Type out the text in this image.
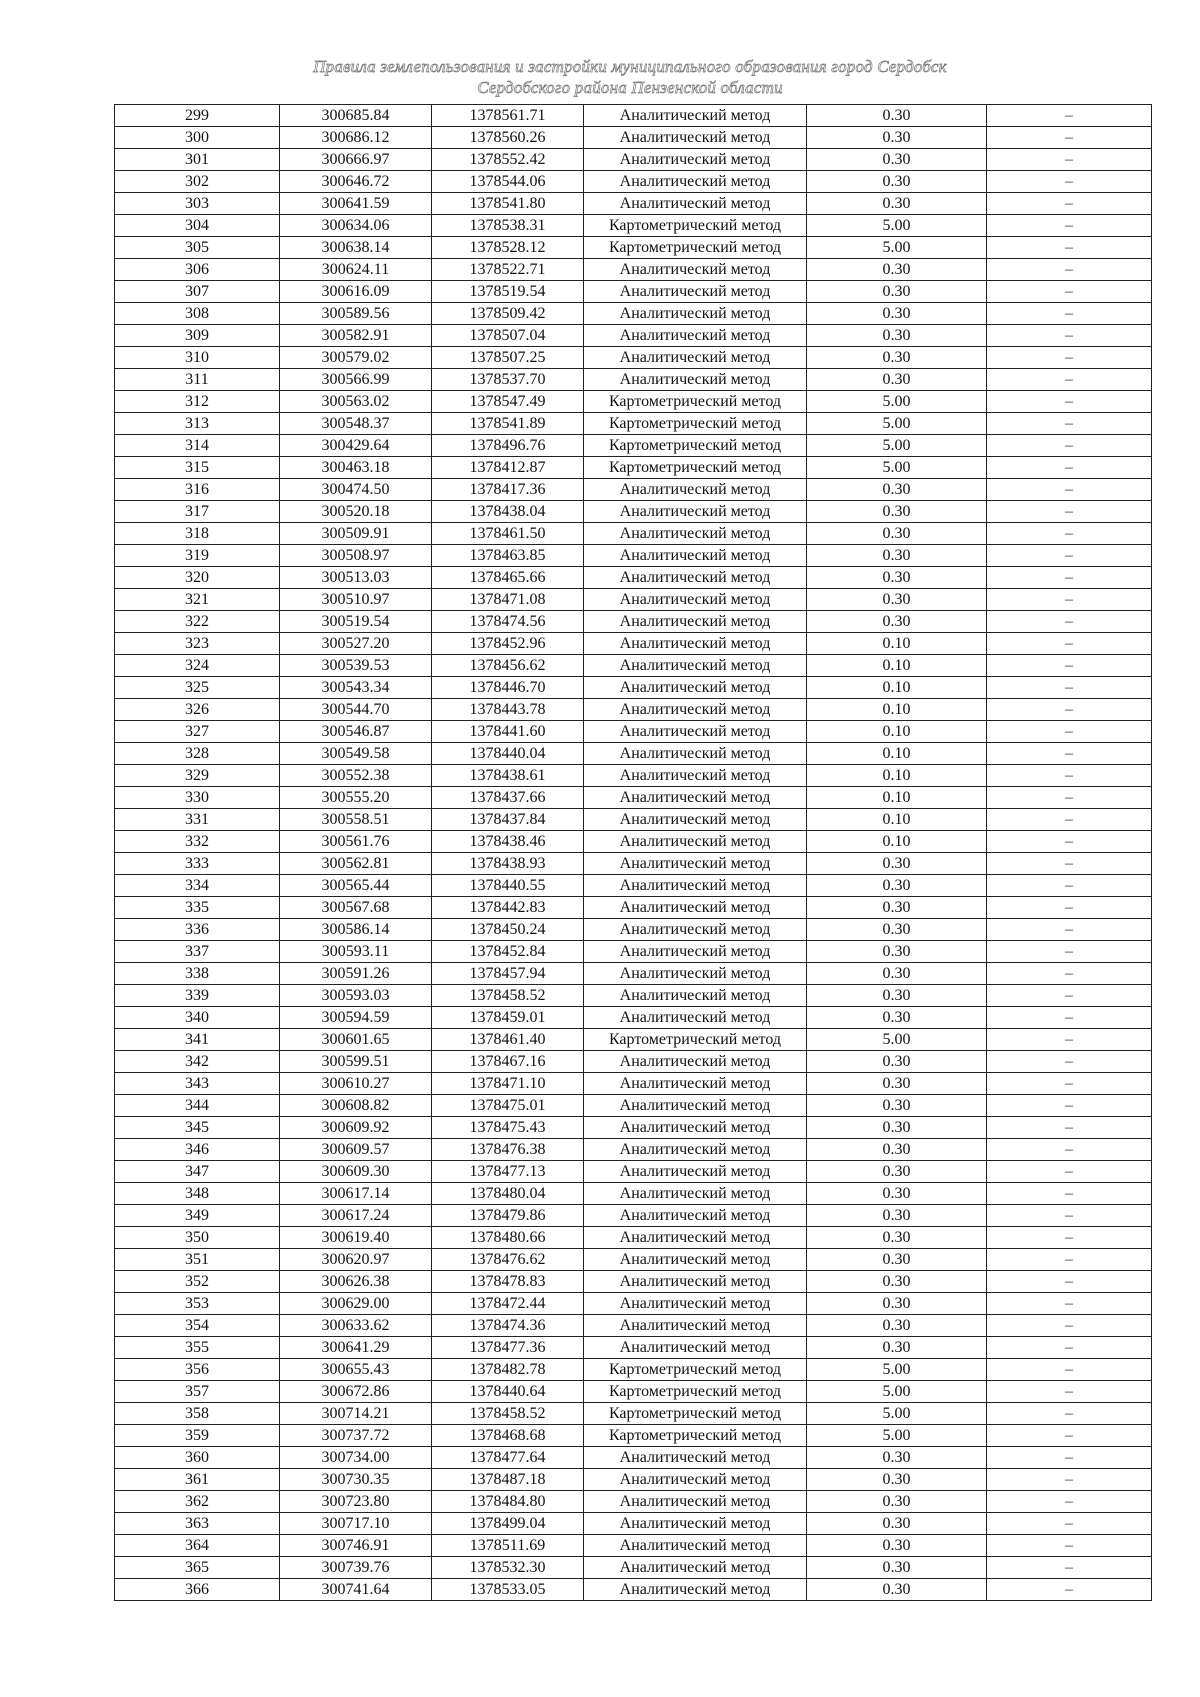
Правила землепользования и застройки муниципального образования город Сердобск
Сердобского района Пензенской области
299	300685.84	1378561.71	Аналитический метод	0.30	–
300	300686.12	1378560.26	Аналитический метод	0.30	–
301	300666.97	1378552.42	Аналитический метод	0.30	–
302	300646.72	1378544.06	Аналитический метод	0.30	–
303	300641.59	1378541.80	Аналитический метод	0.30	–
304	300634.06	1378538.31	Картометрический метод	5.00	–
305	300638.14	1378528.12	Картометрический метод	5.00	–
306	300624.11	1378522.71	Аналитический метод	0.30	–
307	300616.09	1378519.54	Аналитический метод	0.30	–
308	300589.56	1378509.42	Аналитический метод	0.30	–
309	300582.91	1378507.04	Аналитический метод	0.30	–
310	300579.02	1378507.25	Аналитический метод	0.30	–
311	300566.99	1378537.70	Аналитический метод	0.30	–
312	300563.02	1378547.49	Картометрический метод	5.00	–
313	300548.37	1378541.89	Картометрический метод	5.00	–
314	300429.64	1378496.76	Картометрический метод	5.00	–
315	300463.18	1378412.87	Картометрический метод	5.00	–
316	300474.50	1378417.36	Аналитический метод	0.30	–
317	300520.18	1378438.04	Аналитический метод	0.30	–
318	300509.91	1378461.50	Аналитический метод	0.30	–
319	300508.97	1378463.85	Аналитический метод	0.30	–
320	300513.03	1378465.66	Аналитический метод	0.30	–
321	300510.97	1378471.08	Аналитический метод	0.30	–
322	300519.54	1378474.56	Аналитический метод	0.30	–
323	300527.20	1378452.96	Аналитический метод	0.10	–
324	300539.53	1378456.62	Аналитический метод	0.10	–
325	300543.34	1378446.70	Аналитический метод	0.10	–
326	300544.70	1378443.78	Аналитический метод	0.10	–
327	300546.87	1378441.60	Аналитический метод	0.10	–
328	300549.58	1378440.04	Аналитический метод	0.10	–
329	300552.38	1378438.61	Аналитический метод	0.10	–
330	300555.20	1378437.66	Аналитический метод	0.10	–
331	300558.51	1378437.84	Аналитический метод	0.10	–
332	300561.76	1378438.46	Аналитический метод	0.10	–
333	300562.81	1378438.93	Аналитический метод	0.30	–
334	300565.44	1378440.55	Аналитический метод	0.30	–
335	300567.68	1378442.83	Аналитический метод	0.30	–
336	300586.14	1378450.24	Аналитический метод	0.30	–
337	300593.11	1378452.84	Аналитический метод	0.30	–
338	300591.26	1378457.94	Аналитический метод	0.30	–
339	300593.03	1378458.52	Аналитический метод	0.30	–
340	300594.59	1378459.01	Аналитический метод	0.30	–
341	300601.65	1378461.40	Картометрический метод	5.00	–
342	300599.51	1378467.16	Аналитический метод	0.30	–
343	300610.27	1378471.10	Аналитический метод	0.30	–
344	300608.82	1378475.01	Аналитический метод	0.30	–
345	300609.92	1378475.43	Аналитический метод	0.30	–
346	300609.57	1378476.38	Аналитический метод	0.30	–
347	300609.30	1378477.13	Аналитический метод	0.30	–
348	300617.14	1378480.04	Аналитический метод	0.30	–
349	300617.24	1378479.86	Аналитический метод	0.30	–
350	300619.40	1378480.66	Аналитический метод	0.30	–
351	300620.97	1378476.62	Аналитический метод	0.30	–
352	300626.38	1378478.83	Аналитический метод	0.30	–
353	300629.00	1378472.44	Аналитический метод	0.30	–
354	300633.62	1378474.36	Аналитический метод	0.30	–
355	300641.29	1378477.36	Аналитический метод	0.30	–
356	300655.43	1378482.78	Картометрический метод	5.00	–
357	300672.86	1378440.64	Картометрический метод	5.00	–
358	300714.21	1378458.52	Картометрический метод	5.00	–
359	300737.72	1378468.68	Картометрический метод	5.00	–
360	300734.00	1378477.64	Аналитический метод	0.30	–
361	300730.35	1378487.18	Аналитический метод	0.30	–
362	300723.80	1378484.80	Аналитический метод	0.30	–
363	300717.10	1378499.04	Аналитический метод	0.30	–
364	300746.91	1378511.69	Аналитический метод	0.30	–
365	300739.76	1378532.30	Аналитический метод	0.30	–
366	300741.64	1378533.05	Аналитический метод	0.30	–
